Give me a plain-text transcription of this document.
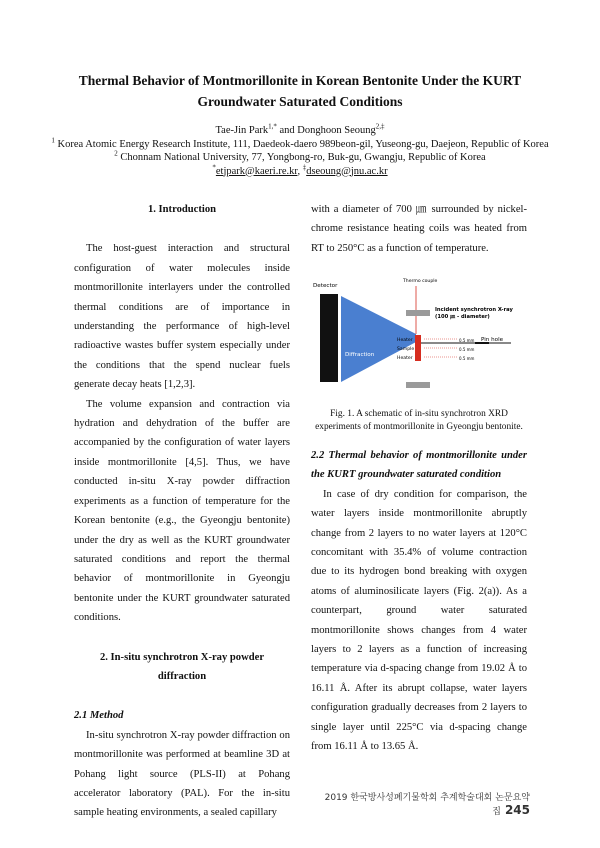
Thermal Behavior of Montmorillonite in Korean Bentonite Under the KURT
Groundwater Saturated Conditions
Tae-Jin Park$^{1,*}$ and Donghoon Seoung$^{2,\ddagger}$
$^1$ Korea Atomic Energy Research Institute, 111, Daedeok-daero 989beon-gil, Yuseong-gu, Daejeon, Republic of Korea
$^2$ Chonnam National University, 77, Yongbong-ro, Buk-gu, Gwangju, Republic of Korea
*etjpark@kaeri.re.kr, ‡dseoung@jnu.ac.kr

1. Introduction

The host-guest interaction and structural configuration of water molecules inside montmorillonite interlayers under the controlled thermal conditions are of importance in understanding the performance of high-level radioactive wastes buffer system especially under the conditions that the spend nuclear fuels generate decay heats [1,2,3].

The volume expansion and contraction via hydration and dehydration of the buffer are accompanied by the configuration of water layers inside montmorillonite [4,5]. Thus, we have conducted in-situ X-ray powder diffraction experiments as a function of temperature for the Korean bentonite (e.g., the Gyeongju bentonite) under the dry as well as the KURT groundwater saturated conditions and report the thermal behavior of montmorillonite in Gyeongju bentonite under the KURT groundwater saturated conditions.

2. In-situ synchrotron X-ray powder

diffraction

2.1 Method

In-situ synchrotron X-ray powder diffraction on montmorillonite was performed at beamline 3D at Pohang light source (PLS-II) at Pohang accelerator laboratory (PAL). For the in-situ sample heating environments, a sealed capillary

with a diameter of 700 ㎛ surrounded by nickel-chrome resistance heating coils was heated from RT to 250°C as a function of temperature.

Detector
Diffraction
Thermo couple
Heater
Sample
Heater
Incident synchrotron X-ray
(100 ㎛ - diameter)
Pin hole
0.5 mm
0.5 mm
0.5 mm
Fig. 1. A schematic of in-situ synchrotron XRD experiments of montmorillonite in Gyeongju bentonite.

2.2 Thermal behavior of montmorillonite under the KURT groundwater saturated condition

In case of dry condition for comparison, the water layers inside montmorillonite abruptly change from 2 layers to no water layers at 120°C concomitant with 35.4% of volume contraction due to its hydrogen bond breaking with oxygen atoms of aluminosilicate layers (Fig. 2(a)). As a counterpart, ground water saturated montmorillonite shows changes from 4 water layers to 2 layers as a function of increasing temperature via d-spacing change from 19.02 Å to 16.11 Å. After its abrupt collapse, water layers configuration gradually decreases from 2 layers to single layer until 225°C via d-spacing change from 16.11 Å to 13.65 Å.

2019 한국방사성폐기물학회 추계학술대회 논문요약집 245
